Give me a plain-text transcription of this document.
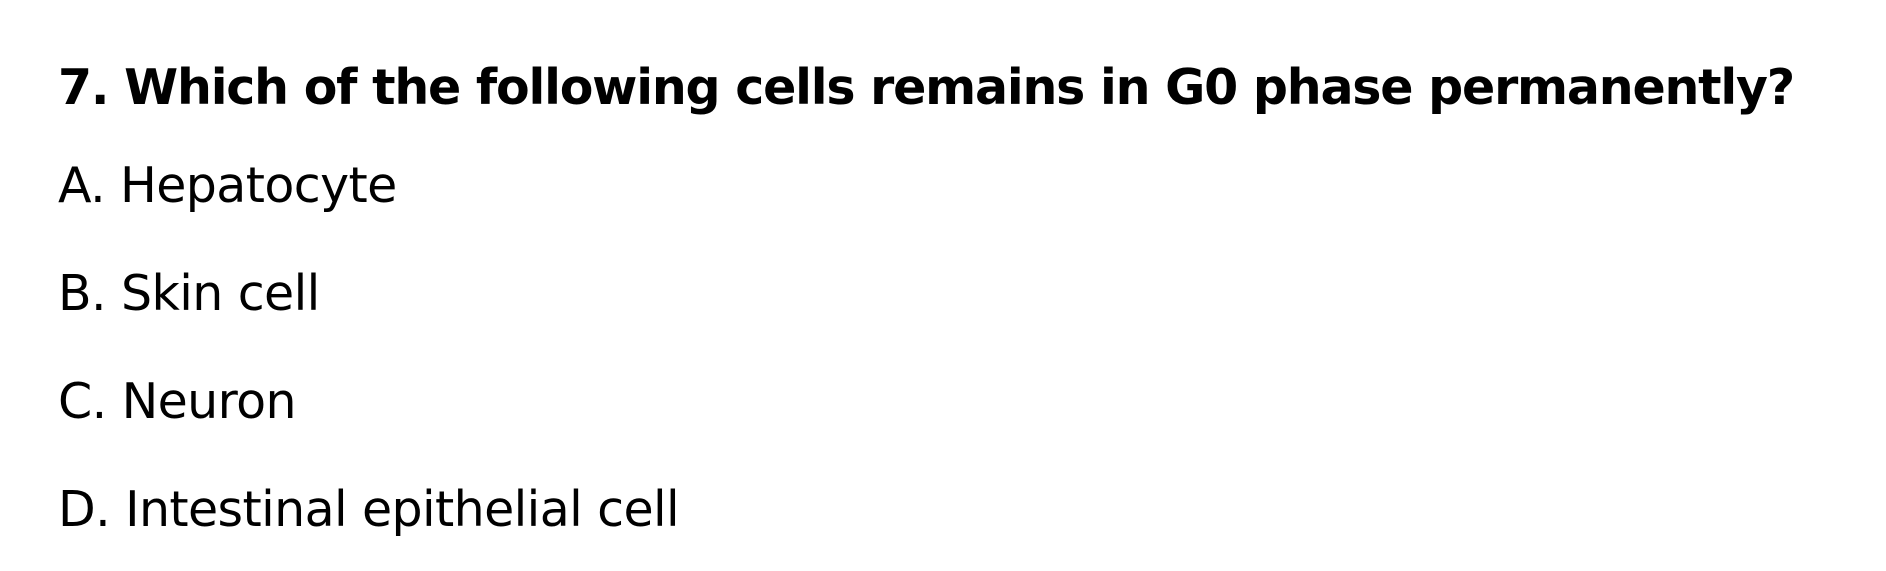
7. Which of the following cells remains in G0 phase permanently?
A . Hepatocyte
B . Skin cell
C . Neuron
D . Intestinal epithelial cell
